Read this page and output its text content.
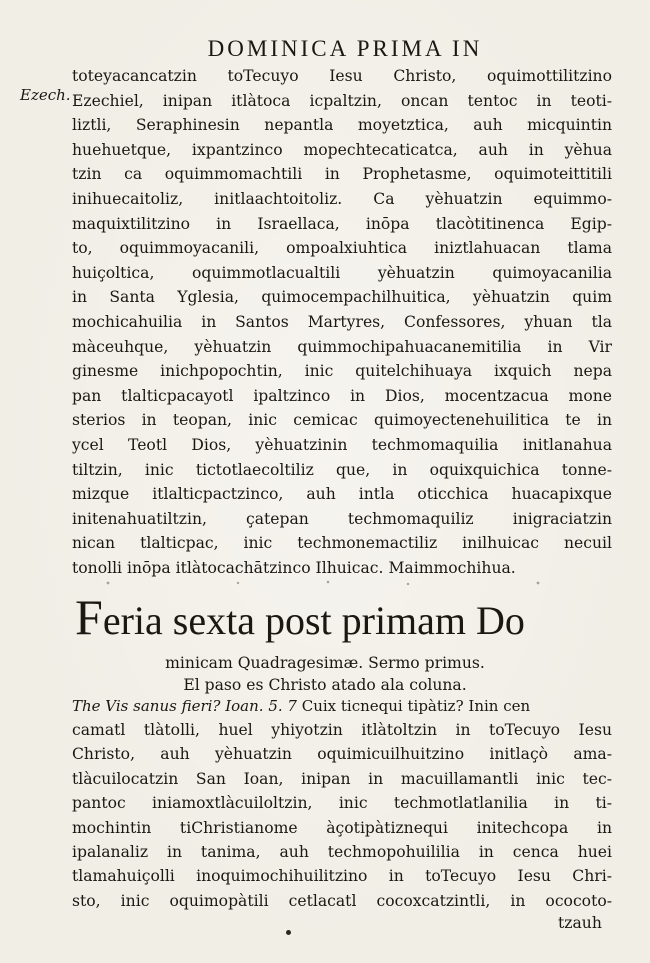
DOMINICA PRIMA IN
Ezech.
toteyacancatzin toTecuyo Iesu Christo, oquimottilitzino
Ezechiel, inipan itlàtoca icpaltzin, oncan tentoc in teoti-
liztli, Seraphinesin nepantla moyetztica, auh micquintin
huehuetque, ixpantzinco mopechtecaticatca, auh in yèhua
tzin ca oquimmomachtili in Prophetasme, oquimoteittitili
inihuecaitoliz, initlaachtoitoliz. Ca yèhuatzin equimmo-
maquixtilitzino in Israellaca, inōpa tlacòtitinenca Egip-
to, oquimmoyacanili, ompoalxiuhtica iniztlahuacan tlama
huiçoltica, oquimmotlacualtili yèhuatzin quimoyacanilia
in Santa Yglesia, quimocempachilhuitica, yèhuatzin quim
mochicahuilia in Santos Martyres, Confessores, yhuan tla
màceuhque, yèhuatzin quimmochipahuacanemitilia in Vir
ginesme inichpopochtin, inic quitelchihuaya ixquich nepa
pan tlalticpacayotl ipaltzinco in Dios, mocentzacua mone
sterios in teopan, inic cemicac quimoyectenehuilitica te in
ycel Teotl Dios, yèhuatzinin techmomaquilia initlanahua
tiltzin, inic tictotlaecoltiliz que, in oquixquichica tonne-
mizque itlalticpactzinco, auh intla oticchica huacapixque
initenahuatiltzin, çatepan techmomaquiliz inigraciatzin
nican tlalticpac, inic techmonemactiliz inilhuicac necuil
tonolli inōpa itlàtocachātzinco Ilhuicac. Maimmochihua.
Feria sexta post primam Do
minicam Quadragesimæ. Sermo primus.
El paso es Christo atado ala coluna.
The Vis sanus fieri? Ioan. 5. 7 Cuix ticnequi tipàtiz? Inin cen
camatl tlàtolli, huel yhiyotzin itlàtoltzin in toTecuyo Iesu
Christo, auh yèhuatzin oquimicuilhuitzino initlaçò ama-
tlàcuilocatzin San Ioan, inipan in macuillamantli inic tec-
pantoc iniamoxtlàcuiloltzin, inic techmotlatlanilia in ti-
mochintin tiChristianome àçotipàtiznequi initechcopa in
ipalanaliz in tanima, auh techmopohuililia in cenca huei
tlamahuiçolli inoquimochihuilitzino in toTecuyo Iesu Chri-
sto, inic oquimopàtili cetlacatl cocoxcatzintli, in ococoto-
tzauh
